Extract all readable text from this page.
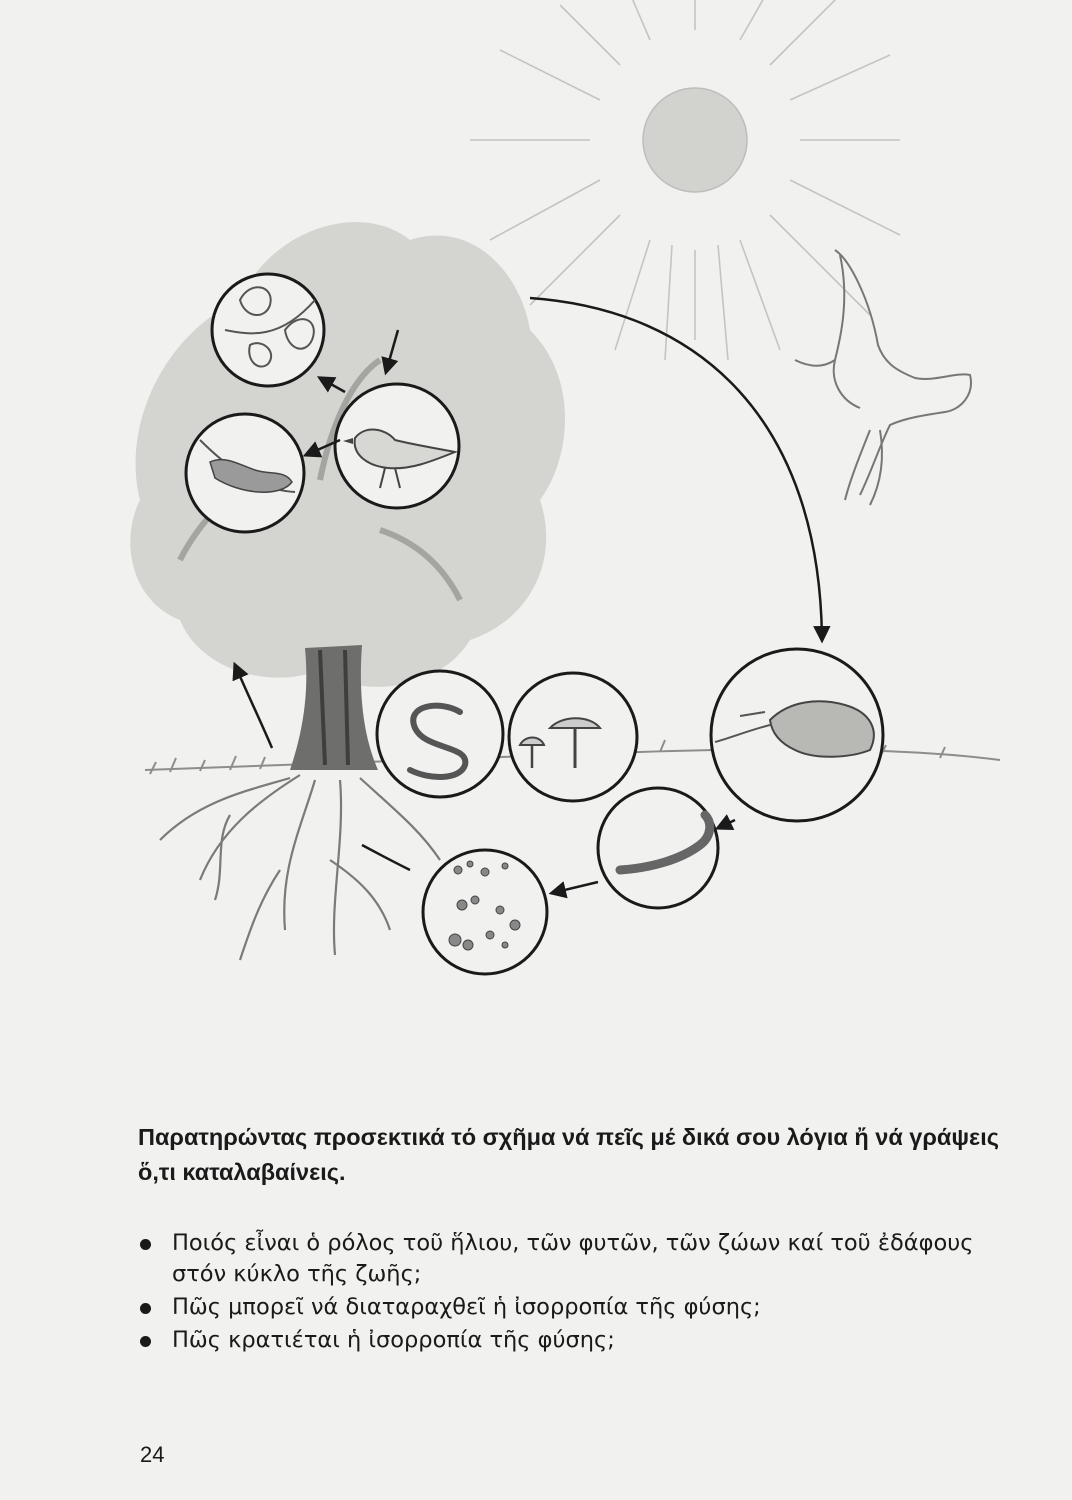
Παρατηρώντας προσεκτικά τό σχῆμα νά πεῖς μέ δικά σου λόγια ἤ νά γράψεις ὅ,τι καταλαβαίνεις.

Ποιός εἶναι ὁ ρόλος τοῦ ἥλιου, τῶν φυτῶν, τῶν ζώων καί τοῦ ἐδάφους στόν κύκλο τῆς ζωῆς;
Πῶς μπορεῖ νά διαταραχθεῖ ἡ ἰσορροπία τῆς φύσης;
Πῶς κρατιέται ἡ ἰσορροπία τῆς φύσης;
24
